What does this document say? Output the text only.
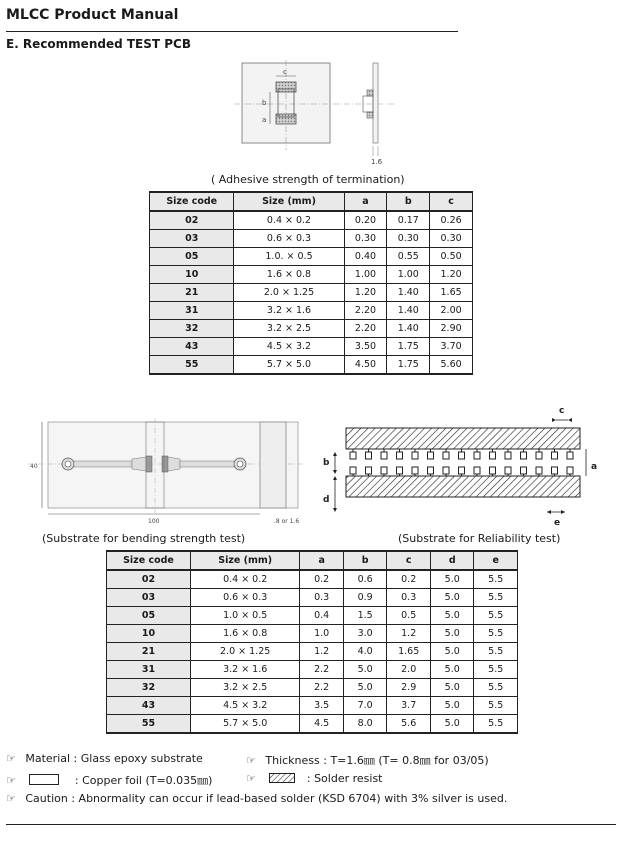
MLCC Product Manual
E. Recommended TEST PCB
c
b
a
1.6
( Adhesive strength of termination)
Size code	Size (mm)	a	b	c
02	0.4 × 0.2	0.20	0.17	0.26
03	0.6 × 0.3	0.30	0.30	0.30
05	1.0. × 0.5	0.40	0.55	0.50
10	1.6 × 0.8	1.00	1.00	1.20
21	2.0 × 1.25	1.20	1.40	1.65
31	3.2 × 1.6	2.20	1.40	2.00
32	3.2 × 2.5	2.20	1.40	2.90
43	4.5 × 3.2	3.50	1.75	3.70
55	5.7 × 5.0	4.50	1.75	5.60
40
100	.8 or 1.6
c
b	a
d
e
(Substrate for bending strength test)	(Substrate for Reliability test)
Size code	Size (mm)	a	b	c	d	e
02	0.4 × 0.2	0.2	0.6	0.2	5.0	5.5
03	0.6 × 0.3	0.3	0.9	0.3	5.0	5.5
05	1.0 × 0.5	0.4	1.5	0.5	5.0	5.5
10	1.6 × 0.8	1.0	3.0	1.2	5.0	5.5
21	2.0 × 1.25	1.2	4.0	1.65	5.0	5.5
31	3.2 × 1.6	2.2	5.0	2.0	5.0	5.5
32	3.2 × 2.5	2.2	5.0	2.9	5.0	5.5
43	4.5 × 3.2	3.5	7.0	3.7	5.0	5.5
55	5.7 × 5.0	4.5	8.0	5.6	5.0	5.5
☞ Material : Glass epoxy substrate	☞ Thickness : T=1.6㎜ (T= 0.8㎜ for 03/05)
☞	: Copper foil (T=0.035㎜)	☞	: Solder resist
☞ Caution : Abnormality can occur if lead-based solder (KSD 6704) with 3% silver is used.
